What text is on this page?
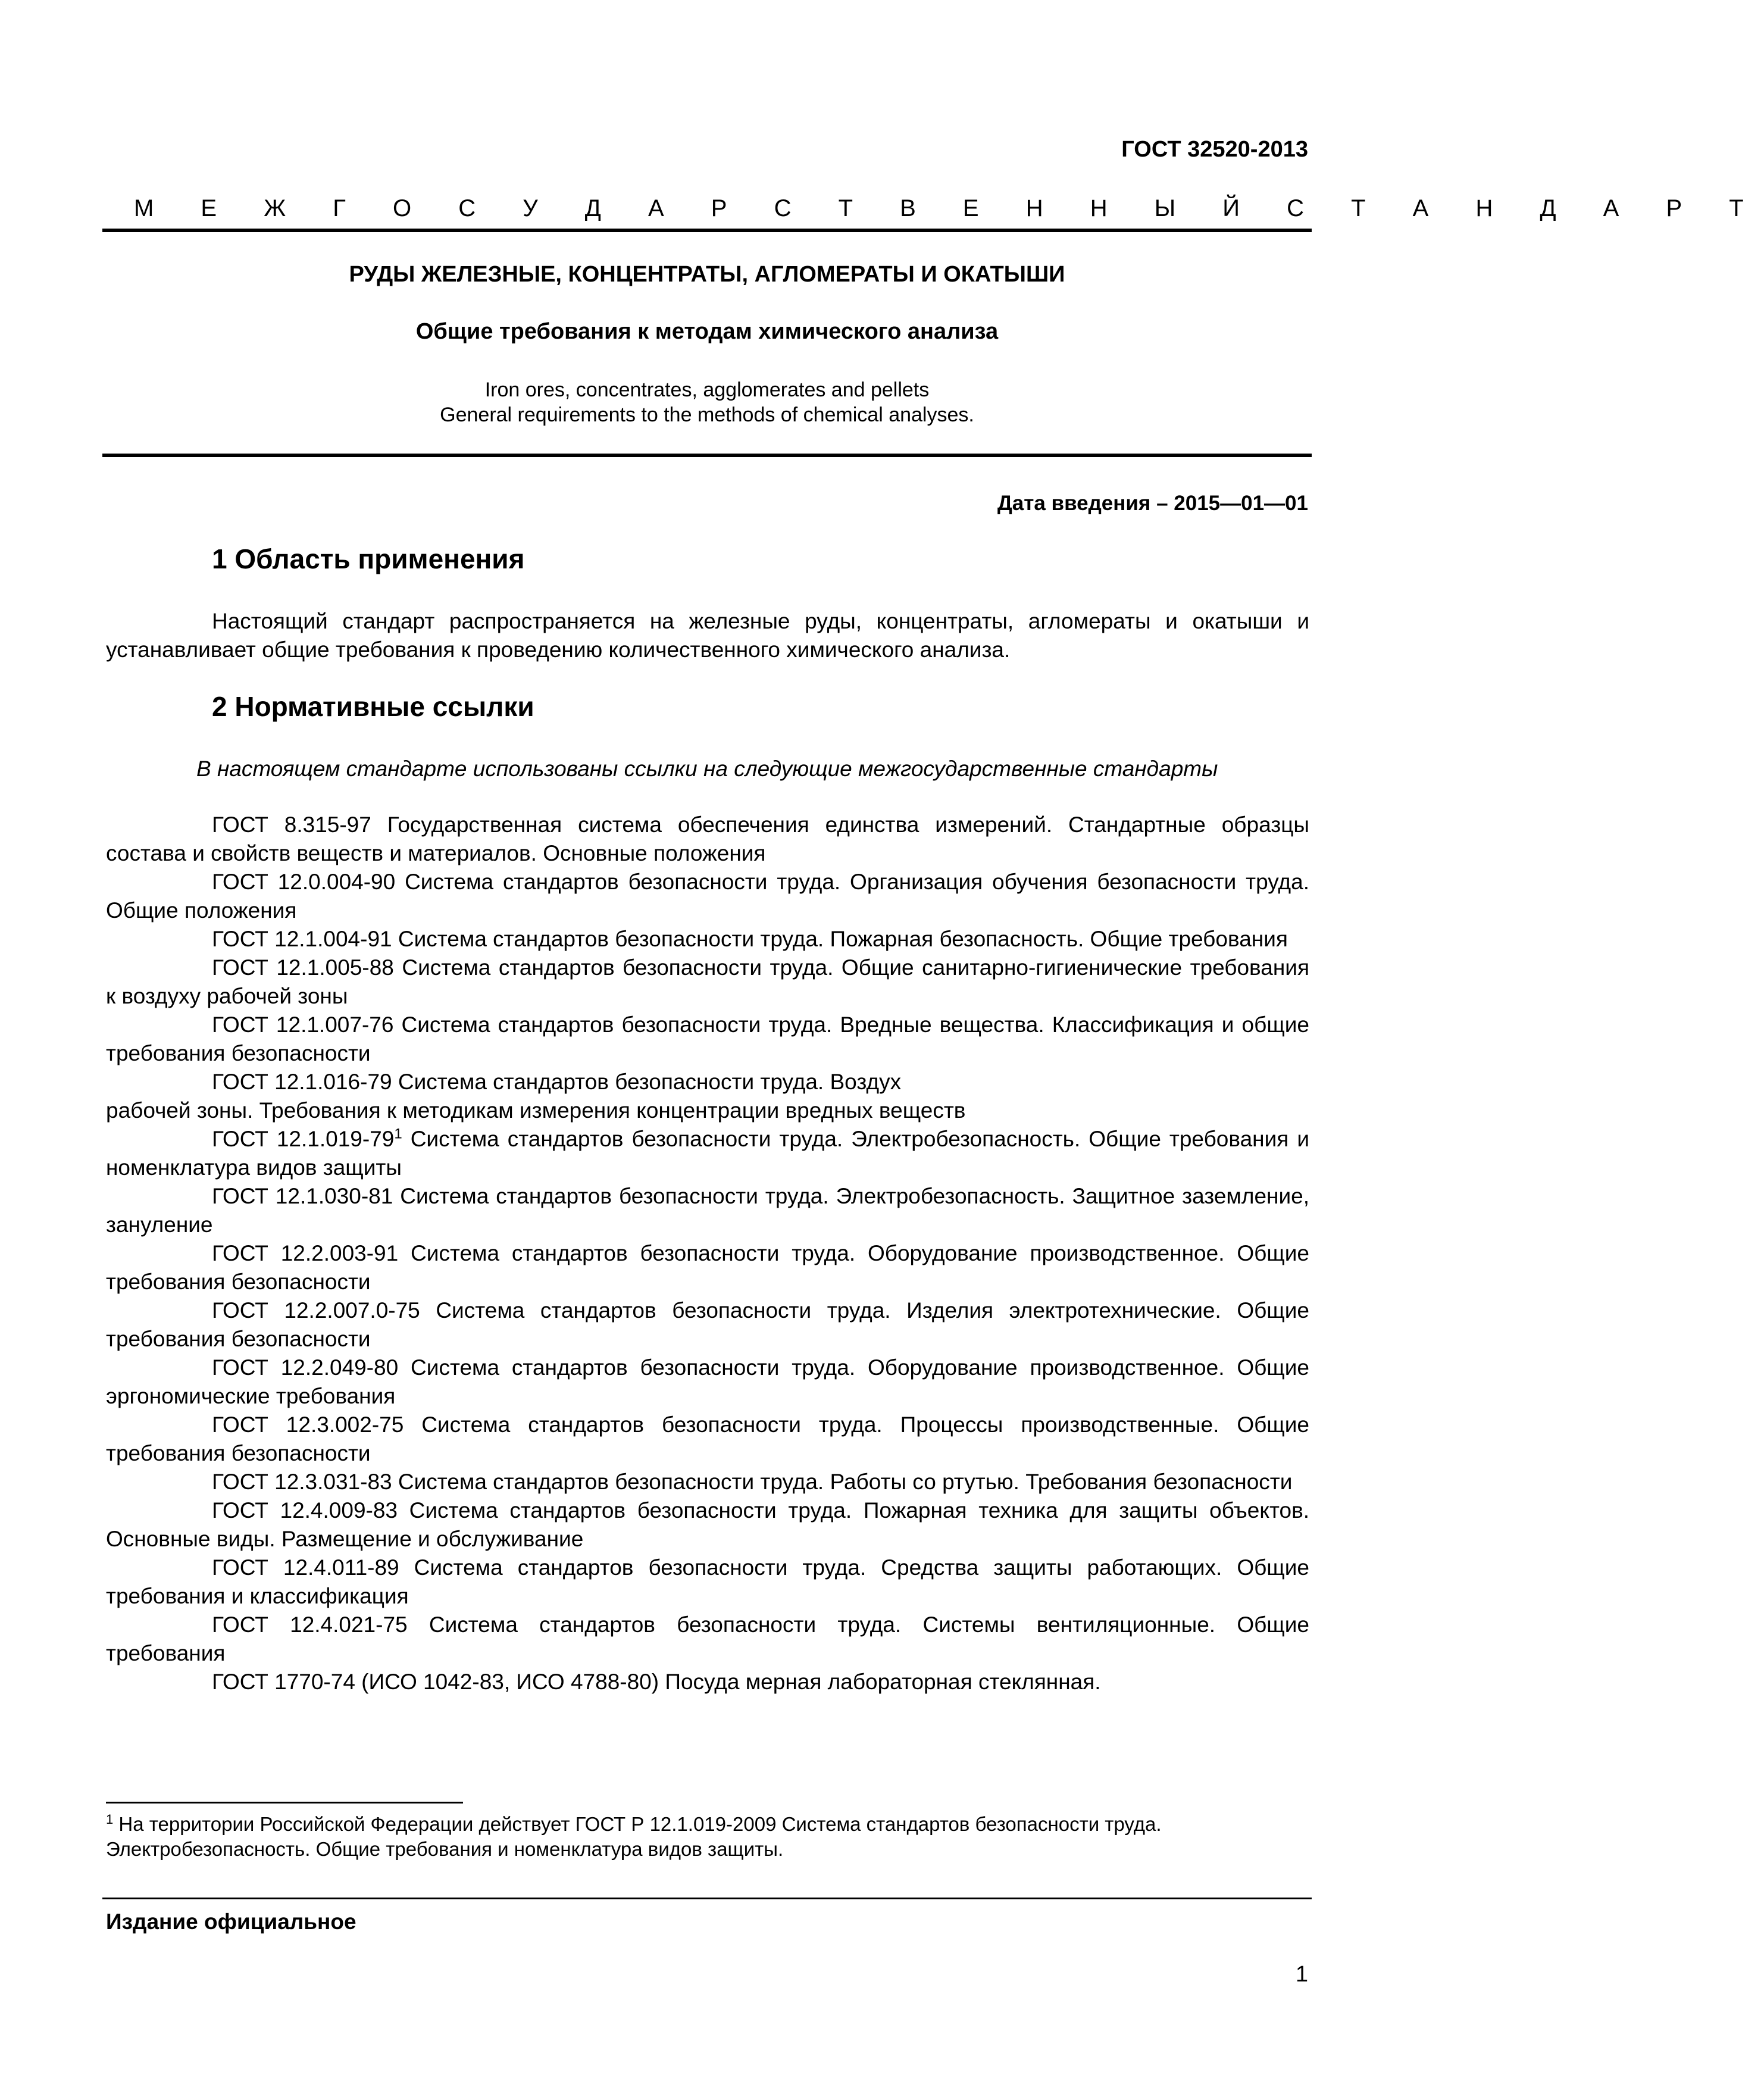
ГОСТ 32520-2013
М Е Ж Г О С У Д А Р С Т В Е Н Н Ы Й С Т А Н Д А Р Т
РУДЫ ЖЕЛЕЗНЫЕ, КОНЦЕНТРАТЫ, АГЛОМЕРАТЫ И ОКАТЫШИ
Общие требования к методам химического анализа
Iron ores, concentrates, agglomerates and pellets
General requirements to the methods of chemical analyses.
Дата введения – 2015—01—01
1 Область применения

Настоящий стандарт распространяется на железные руды, концентраты, агломераты и окатыши и устанавливает общие требования к проведению количественного химического анализа.

2 Нормативные ссылки

В настоящем стандарте использованы ссылки на следующие межгосударственные стандарты

ГОСТ 8.315-97 Государственная система обеспечения единства измерений. Стандартные образцы состава и свойств веществ и материалов. Основные положения

ГОСТ 12.0.004-90 Система стандартов безопасности труда. Организация обучения безопасности труда. Общие положения

ГОСТ 12.1.004-91 Система стандартов безопасности труда. Пожарная безопасность. Общие требования

ГОСТ 12.1.005-88 Система стандартов безопасности труда. Общие санитарно-гигиенические требования к воздуху рабочей зоны

ГОСТ 12.1.007-76 Система стандартов безопасности труда. Вредные вещества. Классификация и общие требования безопасности

ГОСТ 12.1.016-79 Система стандартов безопасности труда. Воздух

рабочей зоны. Требования к методикам измерения концентрации вредных веществ

ГОСТ $12.1.019-79^1$ Система стандартов безопасности труда. Электробезопасность. Общие требования и номенклатура видов защиты

ГОСТ 12.1.030-81 Система стандартов безопасности труда. Электробезопасность. Защитное заземление, зануление

ГОСТ 12.2.003-91 Система стандартов безопасности труда. Оборудование производственное. Общие требования безопасности

ГОСТ 12.2.007.0-75 Система стандартов безопасности труда. Изделия электротехнические. Общие требования безопасности

ГОСТ 12.2.049-80 Система стандартов безопасности труда. Оборудование производственное. Общие эргономические требования

ГОСТ 12.3.002-75 Система стандартов безопасности труда. Процессы производственные. Общие требования безопасности

ГОСТ 12.3.031-83 Система стандартов безопасности труда. Работы со ртутью. Требования безопасности

ГОСТ 12.4.009-83 Система стандартов безопасности труда. Пожарная техника для защиты объектов. Основные виды. Размещение и обслуживание

ГОСТ 12.4.011-89 Система стандартов безопасности труда. Средства защиты работающих. Общие требования и классификация

ГОСТ 12.4.021-75 Система стандартов безопасности труда. Системы вентиляционные. Общие требования

ГОСТ 1770-74 (ИСО 1042-83, ИСО 4788-80) Посуда мерная лабораторная стеклянная.

$^1$ На территории Российской Федерации действует ГОСТ Р 12.1.019-2009 Система стандартов безопасности труда. Электробезопасность. Общие требования и номенклатура видов защиты.
Издание официальное
1
